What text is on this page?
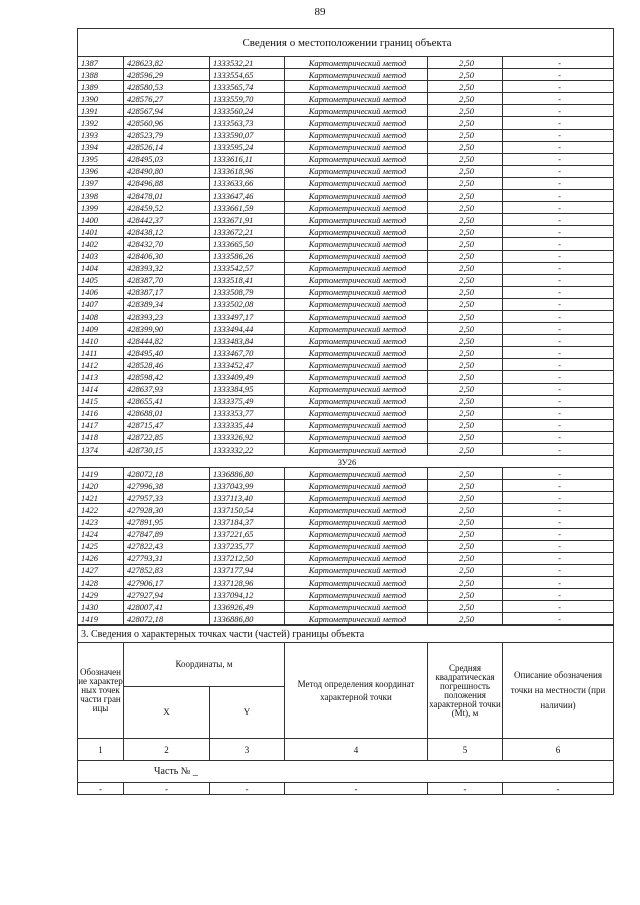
89
Сведения о местоположении границ объекта					
1387	428623,82	1333532,21	Картометрический метод	2,50	-
1388	428596,29	1333554,65	Картометрический метод	2,50	-
1389	428580,53	1333565,74	Картометрический метод	2,50	-
1390	428576,27	1333559,70	Картометрический метод	2,50	-
1391	428567,94	1333560,24	Картометрический метод	2,50	-
1392	428560,96	1333563,73	Картометрический метод	2,50	-
1393	428523,79	1333590,07	Картометрический метод	2,50	-
1394	428526,14	1333595,24	Картометрический метод	2,50	-
1395	428495,03	1333616,11	Картометрический метод	2,50	-
1396	428490,80	1333618,96	Картометрический метод	2,50	-
1397	428496,88	1333633,66	Картометрический метод	2,50	-
1398	428478,01	1333647,46	Картометрический метод	2,50	-
1399	428459,52	1333661,59	Картометрический метод	2,50	-
1400	428442,37	1333671,91	Картометрический метод	2,50	-
1401	428438,12	1333672,21	Картометрический метод	2,50	-
1402	428432,70	1333665,50	Картометрический метод	2,50	-
1403	428406,30	1333586,26	Картометрический метод	2,50	-
1404	428393,32	1333542,57	Картометрический метод	2,50	-
1405	428387,70	1333518,41	Картометрический метод	2,50	-
1406	428387,17	1333508,79	Картометрический метод	2,50	-
1407	428389,34	1333502,08	Картометрический метод	2,50	-
1408	428393,23	1333497,17	Картометрический метод	2,50	-
1409	428399,90	1333494,44	Картометрический метод	2,50	-
1410	428444,82	1333483,84	Картометрический метод	2,50	-
1411	428495,40	1333467,70	Картометрический метод	2,50	-
1412	428528,46	1333452,47	Картометрический метод	2,50	-
1413	428598,42	1333409,49	Картометрический метод	2,50	-
1414	428637,93	1333384,95	Картометрический метод	2,50	-
1415	428655,41	1333375,49	Картометрический метод	2,50	-
1416	428688,01	1333353,77	Картометрический метод	2,50	-
1417	428715,47	1333335,44	Картометрический метод	2,50	-
1418	428722,85	1333326,92	Картометрический метод	2,50	-
1374	428730,15	1333332,22	Картометрический метод	2,50	-
ЗУ26					
1419	428072,18	1336886,80	Картометрический метод	2,50	-
1420	427996,38	1337043,99	Картометрический метод	2,50	-
1421	427957,33	1337113,40	Картометрический метод	2,50	-
1422	427928,30	1337150,54	Картометрический метод	2,50	-
1423	427891,95	1337184,37	Картометрический метод	2,50	-
1424	427847,89	1337221,65	Картометрический метод	2,50	-
1425	427822,43	1337235,77	Картометрический метод	2,50	-
1426	427793,31	1337212,50	Картометрический метод	2,50	-
1427	427852,83	1337177,94	Картометрический метод	2,50	-
1428	427906,17	1337128,96	Картометрический метод	2,50	-
1429	427927,94	1337094,12	Картометрический метод	2,50	-
1430	428007,41	1336926,49	Картометрический метод	2,50	-
1419	428072,18	1336886,80	Картометрический метод	2,50	-
3. Сведения о характерных точках части (частей) границы объекта					
Обозначение характерных точек части границы	Координаты, м		Метод определения координат характерной точки	Средняя квадратическая погрешность положения характерной точки (Mt), м	Описание обозначения точки на местности (при наличии)
	X	Y			
1	2	3	4	5	6
Часть № _					
-	-	-	-	-	-
